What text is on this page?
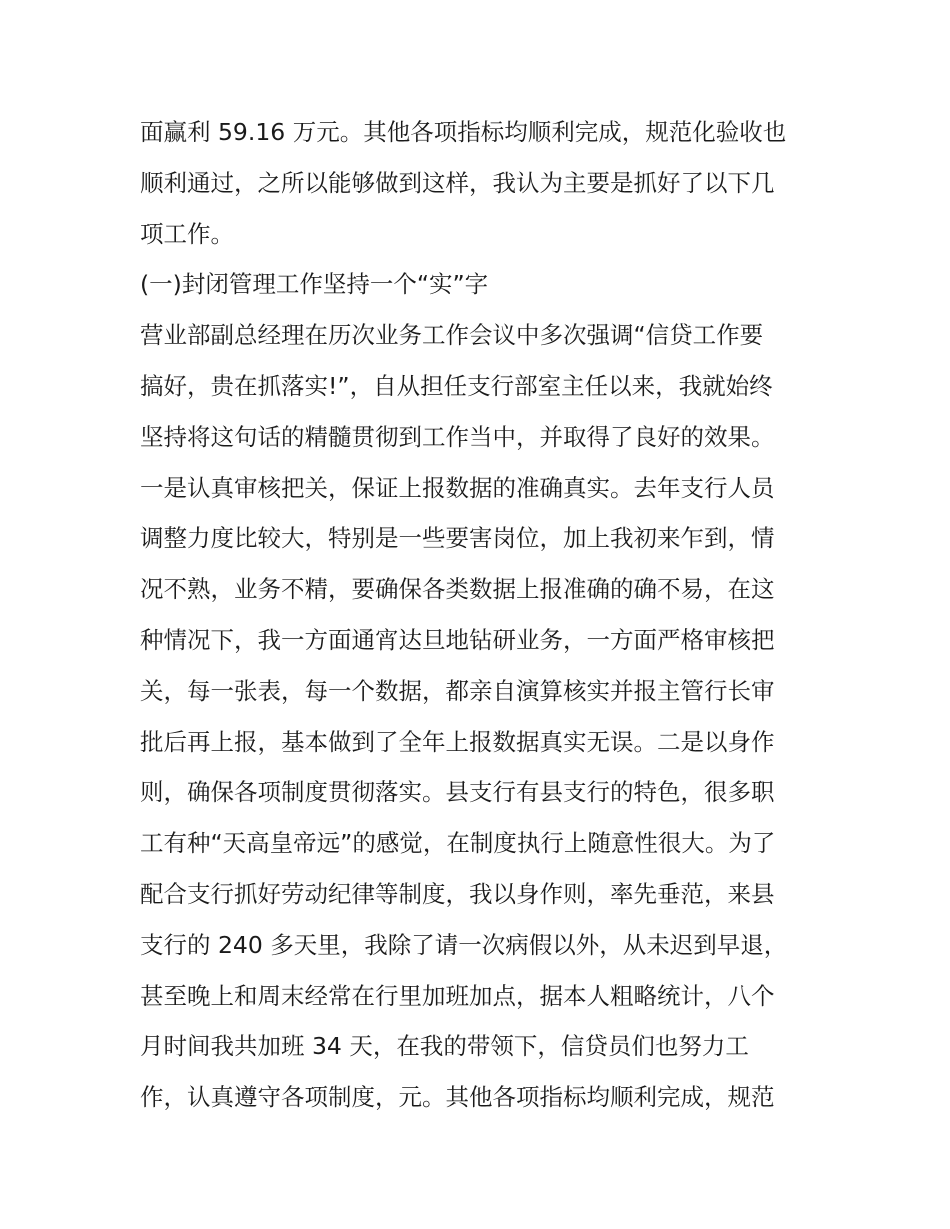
面赢利 59.16 万元。其他各项指标均顺利完成，规范化验收也
顺利通过，之所以能够做到这样，我认为主要是抓好了以下几
项工作。
(一)封闭管理工作坚持一个“实”字
营业部副总经理在历次业务工作会议中多次强调“信贷工作要
搞好，贵在抓落实!”，自从担任支行部室主任以来，我就始终
坚持将这句话的精髓贯彻到工作当中，并取得了良好的效果。
一是认真审核把关，保证上报数据的准确真实。去年支行人员
调整力度比较大，特别是一些要害岗位，加上我初来乍到，情
况不熟，业务不精，要确保各类数据上报准确的确不易，在这
种情况下，我一方面通宵达旦地钻研业务，一方面严格审核把
关，每一张表，每一个数据，都亲自演算核实并报主管行长审
批后再上报，基本做到了全年上报数据真实无误。二是以身作
则，确保各项制度贯彻落实。县支行有县支行的特色，很多职
工有种“天高皇帝远”的感觉，在制度执行上随意性很大。为了
配合支行抓好劳动纪律等制度，我以身作则，率先垂范，来县
支行的 240 多天里，我除了请一次病假以外，从未迟到早退，
甚至晚上和周末经常在行里加班加点，据本人粗略统计，八个
月时间我共加班 34 天，在我的带领下，信贷员们也努力工
作，认真遵守各项制度，元。其他各项指标均顺利完成，规范
